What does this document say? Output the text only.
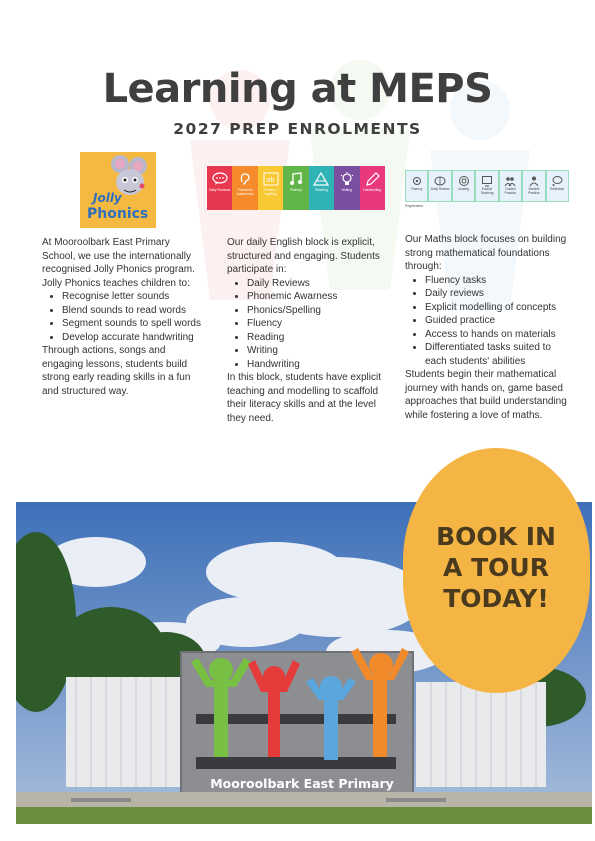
Learning at MEPS
2027 PREP ENROLMENTS
Jolly
Phonics
Daily Reviews	Phonemic Awareness
ab
Phonics / Spelling
Fluency	Reading	Writing	Handwriting	Fluency	Daily Review	Goaling	Explicit Teaching
Guided Practice
Student Practice
Reflection
Registration

At Mooroolbark East Primary School, we use the internationally recognised Jolly Phonics program. Jolly Phonics teaches children to:

• Recognise letter sounds
• Blend sounds to read words
• Segment sounds to spell words
• Develop accurate handwriting

Through actions, songs and engaging lessons, students build strong early reading skills in a fun and structured way.

Our daily English block is explicit, structured and engaging. Students participate in:

• Daily Reviews
• Phonemic Awarness
• Phonics/Spelling
• Fluency
• Reading
• Writing
• Handwriting

In this block, students have explicit teaching and modelling to scaffold their literacy skills and at the level they need.

Our Maths block focuses on building strong mathematical foundations through:

• Fluency tasks
• Daily reviews
• Explicit modelling of concepts
• Guided practice
• Access to hands on materials
• Differentiated tasks suited to each students' abilities

Students begin their mathematical journey with hands on, game based approaches that build understanding while fostering a love of maths.

Mooroolbark East Primary
BOOK IN
A TOUR
TODAY!
